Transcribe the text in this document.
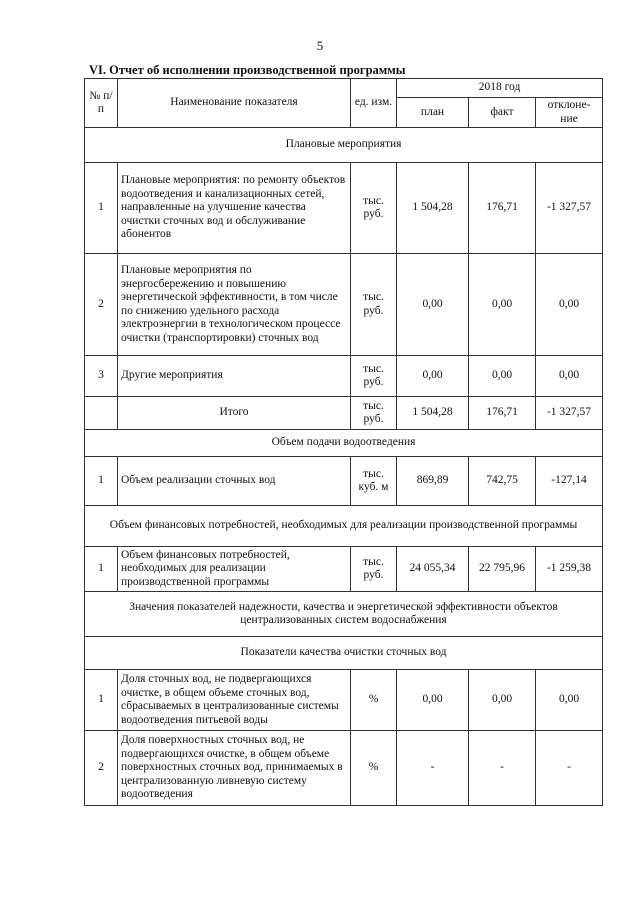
5
VI. Отчет об исполнении производственной программы
№ п/п	Наименование показателя	ед. изм.	2018 год		
			план	факт	отклоне-ние
Плановые мероприятия					
1	Плановые мероприятия: по ремонту объектов водоотведения и канализационных сетей, направленные на улучшение качества очистки сточных вод и обслуживание абонентов	тыс. руб.	1 504,28	176,71	-1 327,57
2	Плановые мероприятия по энергосбережению и повышению энергетической эффективности, в том числе по снижению удельного расхода электроэнергии в технологическом процессе очистки (транспортировки) сточных вод	тыс. руб.	0,00	0,00	0,00
3	Другие мероприятия	тыс. руб.	0,00	0,00	0,00
	Итого	тыс. руб.	1 504,28	176,71	-1 327,57
Объем подачи водоотведения					
1	Объем реализации сточных вод	тыс. куб. м	869,89	742,75	-127,14
Объем финансовых потребностей, необходимых для реализации производственной программы					
1	Объем финансовых потребностей, необходимых для реализации производственной программы	тыс. руб.	24 055,34	22 795,96	-1 259,38
Значения показателей надежности, качества и энергетической эффективности объектов централизованных систем водоснабжения					
Показатели качества очистки сточных вод					
1	Доля сточных вод, не подвергающихся очистке, в общем объеме сточных вод, сбрасываемых в централизованные системы водоотведения питьевой воды	%	0,00	0,00	0,00
2	Доля поверхностных сточных вод, не подвергающихся очистке, в общем объеме поверхностных сточных вод, принимаемых в централизованную ливневую систему водоотведения	%	-	-	-
